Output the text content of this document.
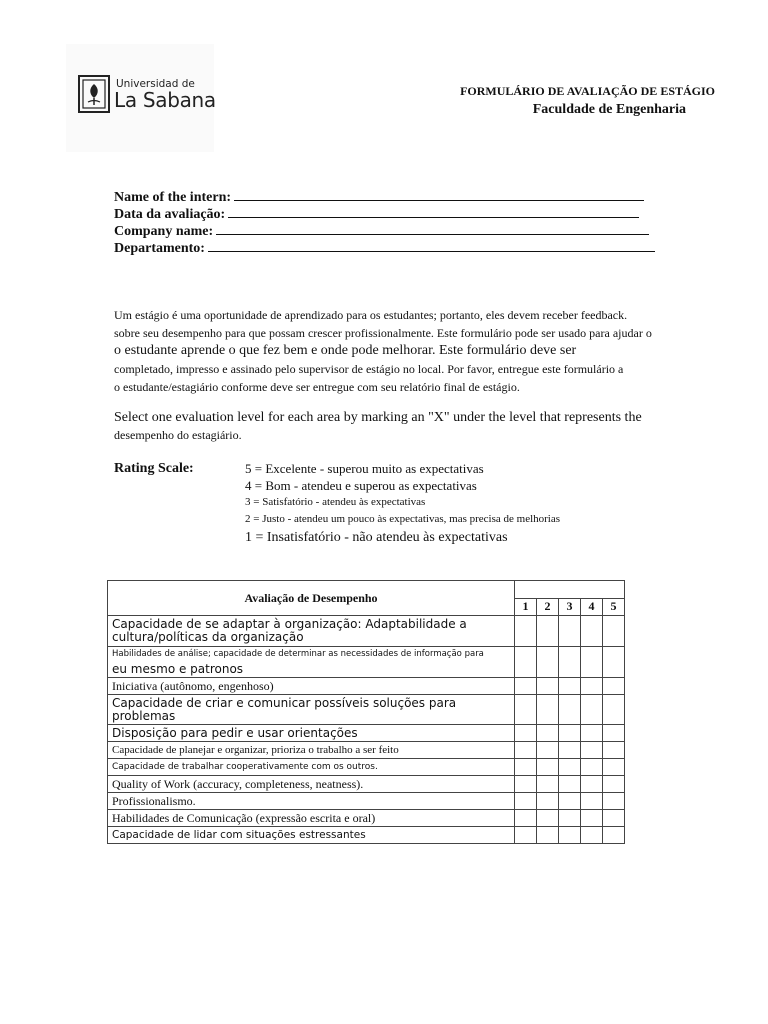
Universidad de
La Sabana	FORMULÁRIO DE AVALIAÇÃO DE ESTÁGIO
Faculdade de Engenharia
Name of the intern:
Data da avaliação:
Company name:
Departamento:

Um estágio é uma oportunidade de aprendizado para os estudantes; portanto, eles devem receber feedback.

sobre seu desempenho para que possam crescer profissionalmente. Este formulário pode ser usado para ajudar o

o estudante aprende o que fez bem e onde pode melhorar. Este formulário deve ser

completado, impresso e assinado pelo supervisor de estágio no local. Por favor, entregue este formulário a

o estudante/estagiário conforme deve ser entregue com seu relatório final de estágio.

Select one evaluation level for each area by marking an "X" under the level that represents the

desempenho do estagiário.

Rating Scale:	5 = Excelente - superou muito as expectativas
4 = Bom - atendeu e superou as expectativas
3 = Satisfatório - atendeu às expectativas
2 = Justo - atendeu um pouco às expectativas, mas precisa de melhorias
1 = Insatisfatório - não atendeu às expectativas
Avaliação de Desempenho					
	1	2	3	4	5
Capacidade de se adaptar à organização: Adaptabilidade a cultura/políticas da organização					

Habilidades de análise; capacidade de determinar as necessidades de informação para
eu mesmo e patronos					

Iniciativa (autônomo, engenhoso)					
Capacidade de criar e comunicar possíveis soluções para problemas					
Disposição para pedir e usar orientações					
Capacidade de planejar e organizar, prioriza o trabalho a ser feito					
Capacidade de trabalhar cooperativamente com os outros.					
Quality of Work (accuracy, completeness, neatness).					
Profissionalismo.					
Habilidades de Comunicação (expressão escrita e oral)					
Capacidade de lidar com situações estressantes					
